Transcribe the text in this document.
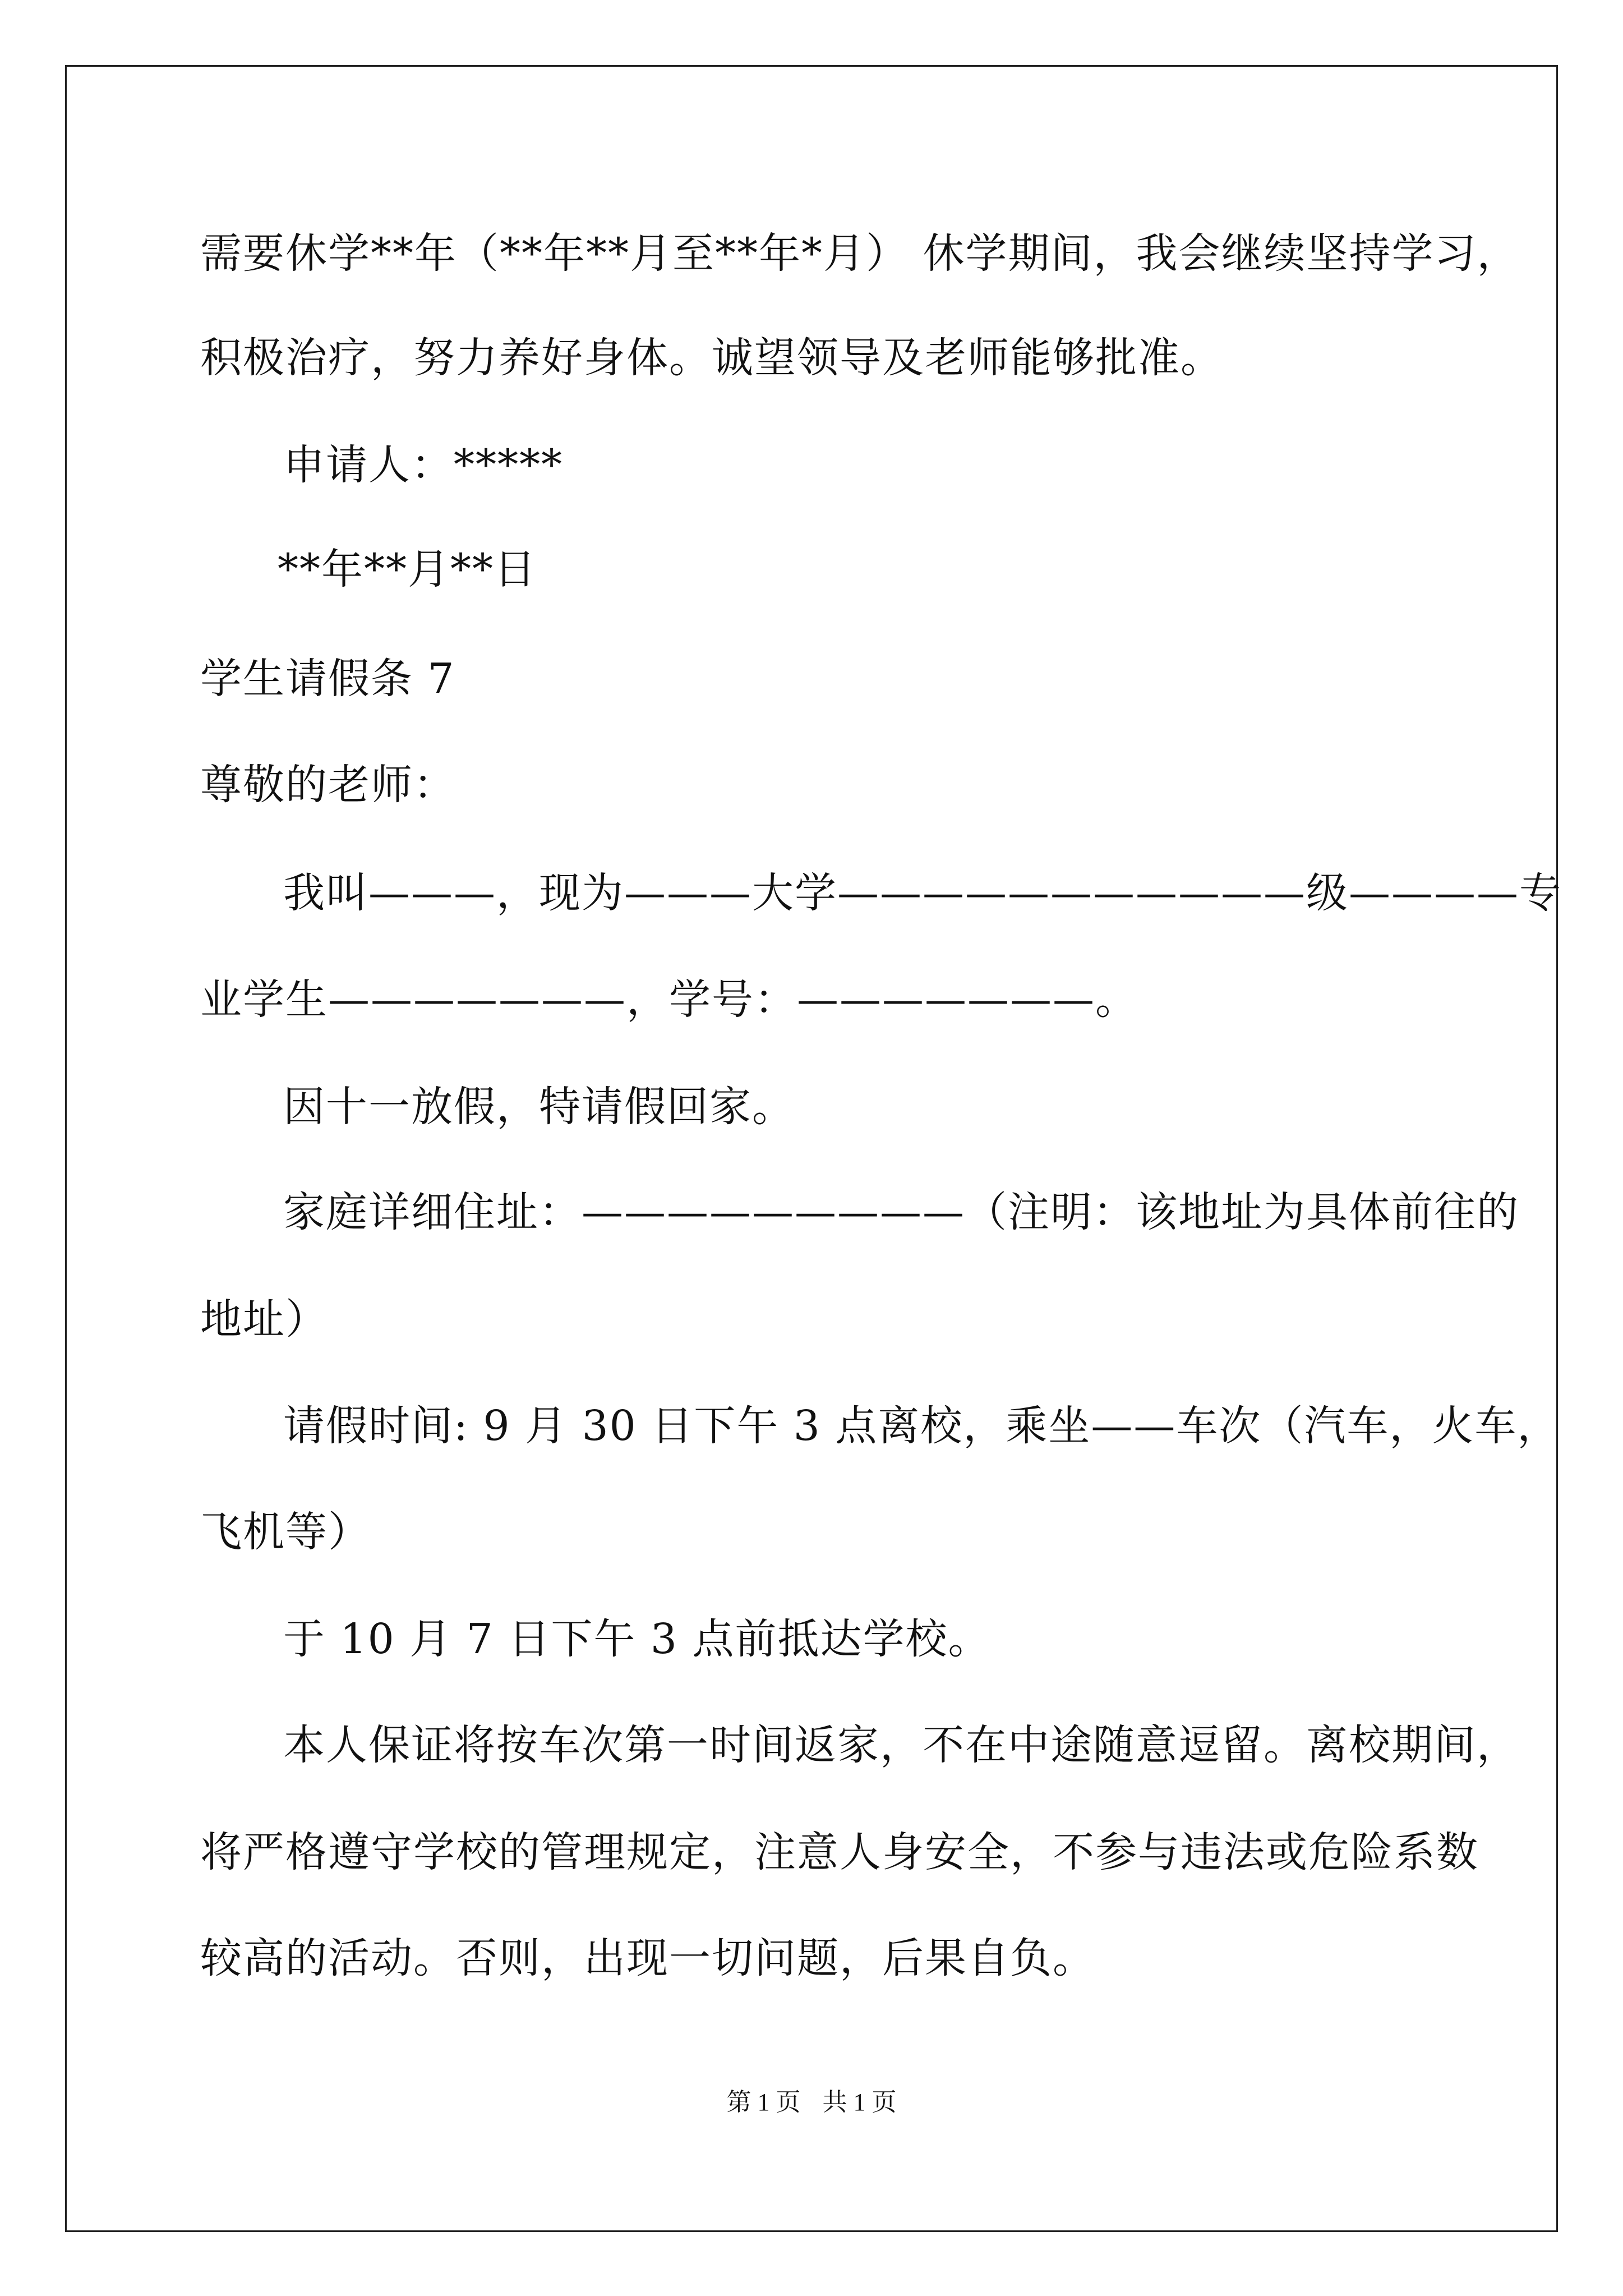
需要休学**年（**年**月至**年*月） 休学期间，我会继续坚持学习，
积极治疗，努力养好身体。诚望领导及老师能够批准。
申请人：*****
**年**月**日
学生请假条 7
尊敬的老师：
我叫———，现为———大学———————————级————专
业学生———————，学号：———————。
因十一放假，特请假回家。
家庭详细住址：—————————（注明：该地址为具体前往的
地址）
请假时间: 9 月 30 日下午 3 点离校，乘坐——车次（汽车，火车，
飞机等）
于 10 月 7 日下午 3 点前抵达学校。
本人保证将按车次第一时间返家，不在中途随意逗留。离校期间，
将严格遵守学校的管理规定，注意人身安全，不参与违法或危险系数
较高的活动。否则，出现一切问题，后果自负。
第 1 页 共 1 页
